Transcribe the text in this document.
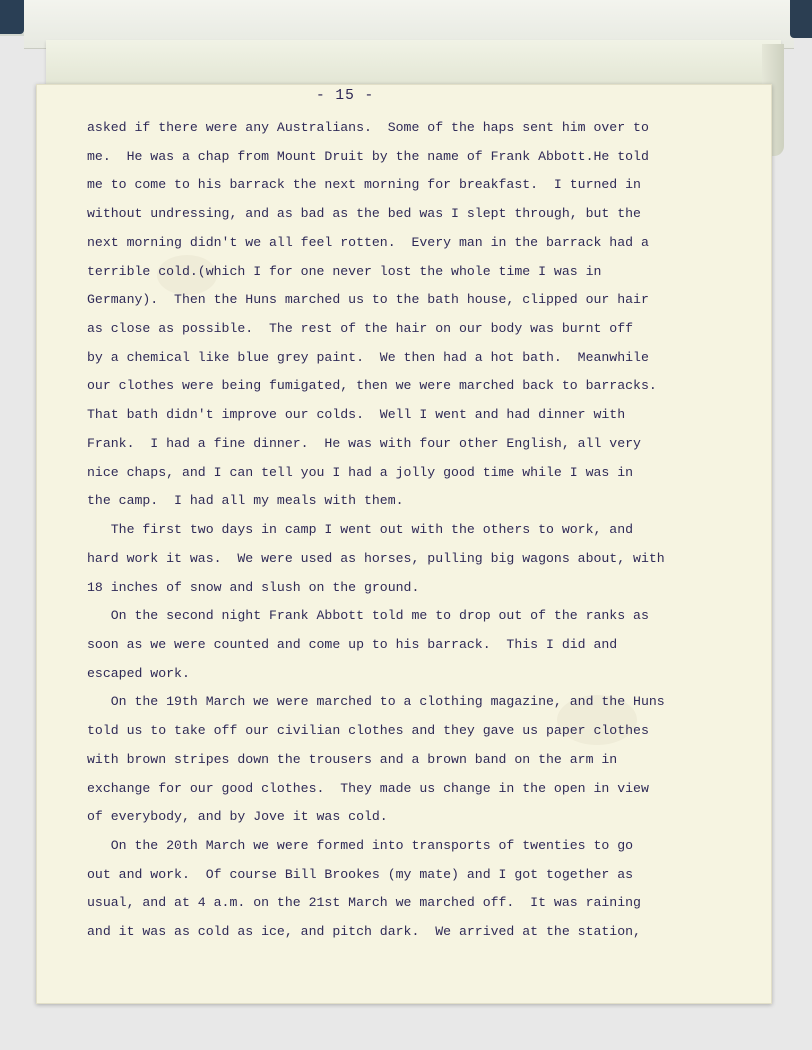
- 15 -
asked if there were any Australians.  Some of the haps sent him over to
me.  He was a chap from Mount Druit by the name of Frank Abbott.He told
me to come to his barrack the next morning for breakfast.  I turned in
without undressing, and as bad as the bed was I slept through, but the
next morning didn't we all feel rotten.  Every man in the barrack had a
terrible cold.(which I for one never lost the whole time I was in
Germany).  Then the Huns marched us to the bath house, clipped our hair
as close as possible.  The rest of the hair on our body was burnt off
by a chemical like blue grey paint.  We then had a hot bath.  Meanwhile
our clothes were being fumigated, then we were marched back to barracks.
That bath didn't improve our colds.  Well I went and had dinner with
Frank.  I had a fine dinner.  He was with four other English, all very
nice chaps, and I can tell you I had a jolly good time while I was in
the camp.  I had all my meals with them.
The first two days in camp I went out with the others to work, and
hard work it was.  We were used as horses, pulling big wagons about, with
18 inches of snow and slush on the ground.
On the second night Frank Abbott told me to drop out of the ranks as
soon as we were counted and come up to his barrack.  This I did and
escaped work.
On the 19th March we were marched to a clothing magazine, and the Huns
told us to take off our civilian clothes and they gave us paper clothes
with brown stripes down the trousers and a brown band on the arm in
exchange for our good clothes.  They made us change in the open in view
of everybody, and by Jove it was cold.
On the 20th March we were formed into transports of twenties to go
out and work.  Of course Bill Brookes (my mate) and I got together as
usual, and at 4 a.m. on the 21st March we marched off.  It was raining
and it was as cold as ice, and pitch dark.  We arrived at the station,
